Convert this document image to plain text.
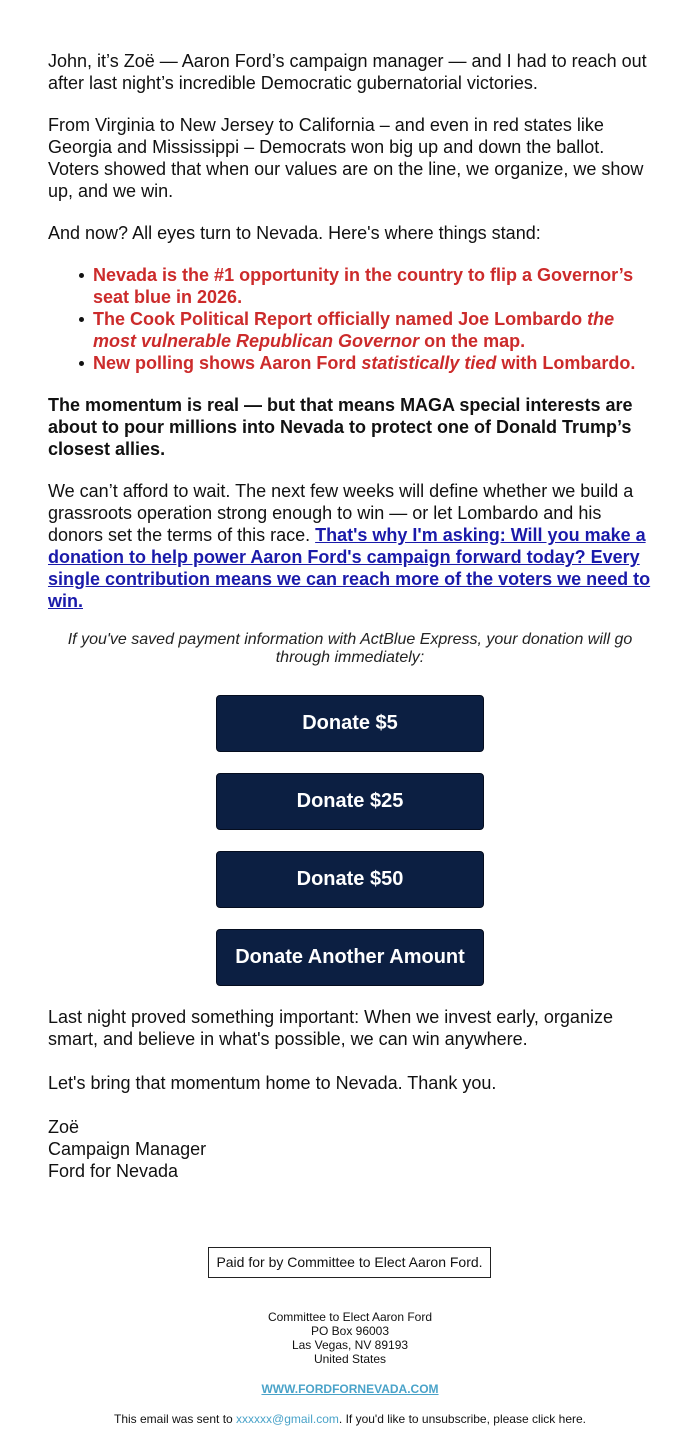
John, it’s Zoë — Aaron Ford’s campaign manager — and I had to reach out after last night’s incredible Democratic gubernatorial victories.

From Virginia to New Jersey to California – and even in red states like Georgia and Mississippi – Democrats won big up and down the ballot. Voters showed that when our values are on the line, we organize, we show up, and we win.

And now? All eyes turn to Nevada. Here's where things stand:

Nevada is the #1 opportunity in the country to flip a Governor’s seat blue in 2026.
The Cook Political Report officially named Joe Lombardo the most vulnerable Republican Governor on the map.
New polling shows Aaron Ford statistically tied with Lombardo.

The momentum is real — but that means MAGA special interests are about to pour millions into Nevada to protect one of Donald Trump’s closest allies.

We can’t afford to wait. The next few weeks will define whether we build a grassroots operation strong enough to win — or let Lombardo and his donors set the terms of this race. That's why I'm asking: Will you make a donation to help power Aaron Ford's campaign forward today? Every single contribution means we can reach more of the voters we need to win.

If you've saved payment information with ActBlue Express, your donation will go through immediately:
Donate $5
Donate $25
Donate $50
Donate Another Amount

Last night proved something important: When we invest early, organize smart, and believe in what's possible, we can win anywhere.

Let's bring that momentum home to Nevada. Thank you.

Zoë
Campaign Manager
Ford for Nevada
Paid for by Committee to Elect Aaron Ford.
Committee to Elect Aaron Ford
PO Box 96003
Las Vegas, NV 89193
United States
WWW.FORDFORNEVADA.COM
This email was sent to xxxxxx@gmail.com. If you'd like to unsubscribe, please click here.
